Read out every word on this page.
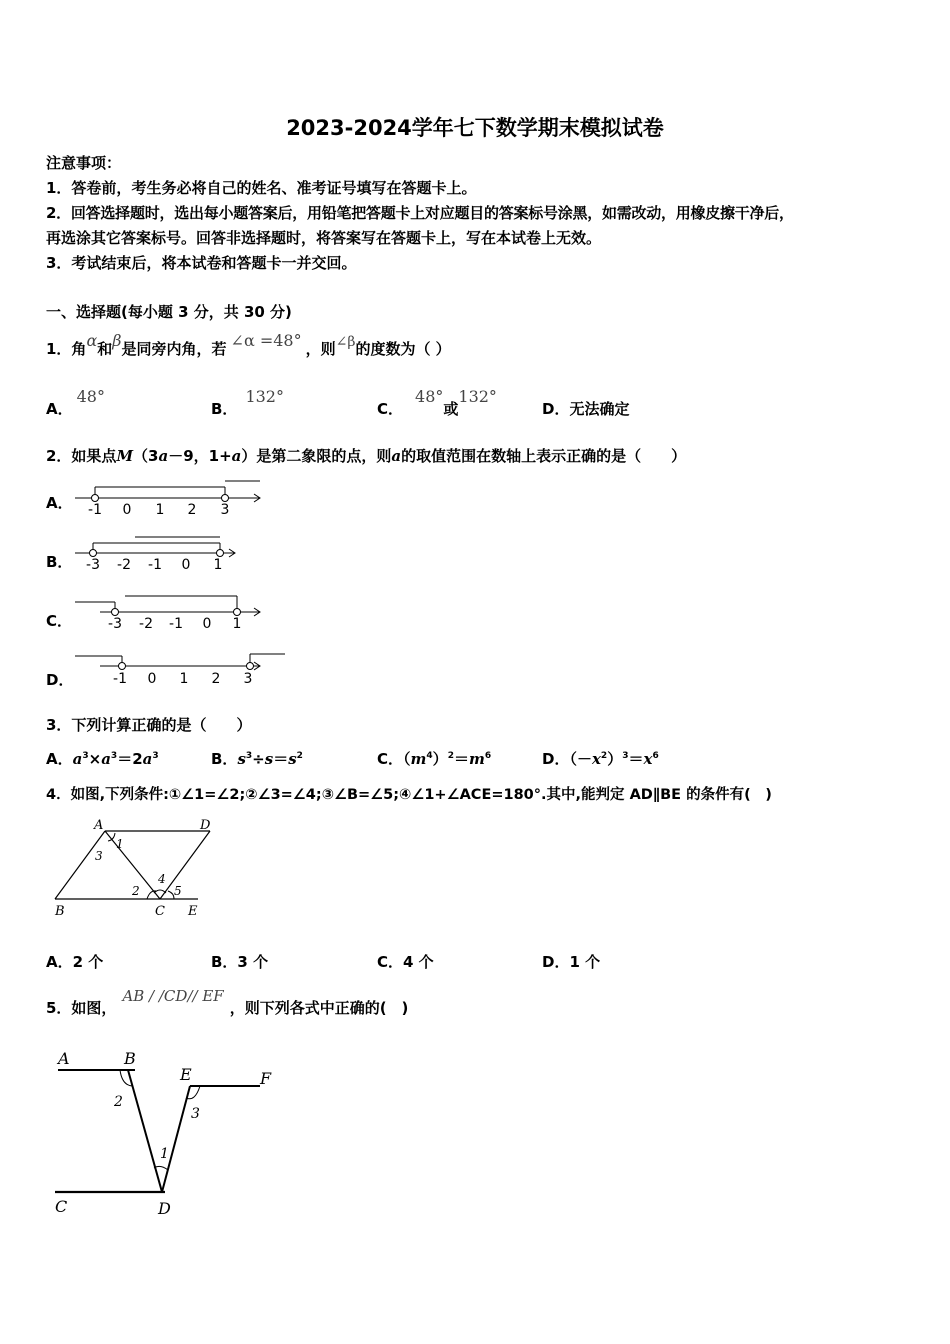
2023-2024学年七下数学期末模拟试卷
注意事项：
1．答卷前，考生务必将自己的姓名、准考证号填写在答题卡上。
2．回答选择题时，选出每小题答案后，用铅笔把答题卡上对应题目的答案标号涂黑，如需改动，用橡皮擦干净后，
再选涂其它答案标号。回答非选择题时，将答案写在答题卡上，写在本试卷上无效。
3．考试结束后，将本试卷和答题卡一并交回。
一、选择题(每小题 3 分，共 30 分)
1．角α和β是同旁内角，若 ∠α =48° ，则∠β的度数为（ ）
A．48°
B．132°
C．48°或132°
D．无法确定
2．如果点M（3a－9，1+a）是第二象限的点，则a的取值范围在数轴上表示正确的是（　　）
A． -1 0 1 2 3
B． -3 -2 -1 0 1
C．	-3 -2 -1 0 1
D．	-1 0 1 2 3
3．下列计算正确的是（　　）
A．$a^3\times a^3=2a^3$	B．$s^3\div s=s^2$	C．$(m^4)^2=m^6$	D．$(-x^2)^3=x^6$
4．如图,下列条件:①∠1=∠2;②∠3=∠4;③∠B=∠5;④∠1+∠ACE=180°.其中,能判定 AD∥BE 的条件有(　)
A	D
B	C E
1
3
2
4
5
A．2 个	B．3 个	C．4 个	D．1 个
5．如图，AB / /CD// EF，则下列各式中正确的(　)
A	B
E	F
C	D
1
2
3
